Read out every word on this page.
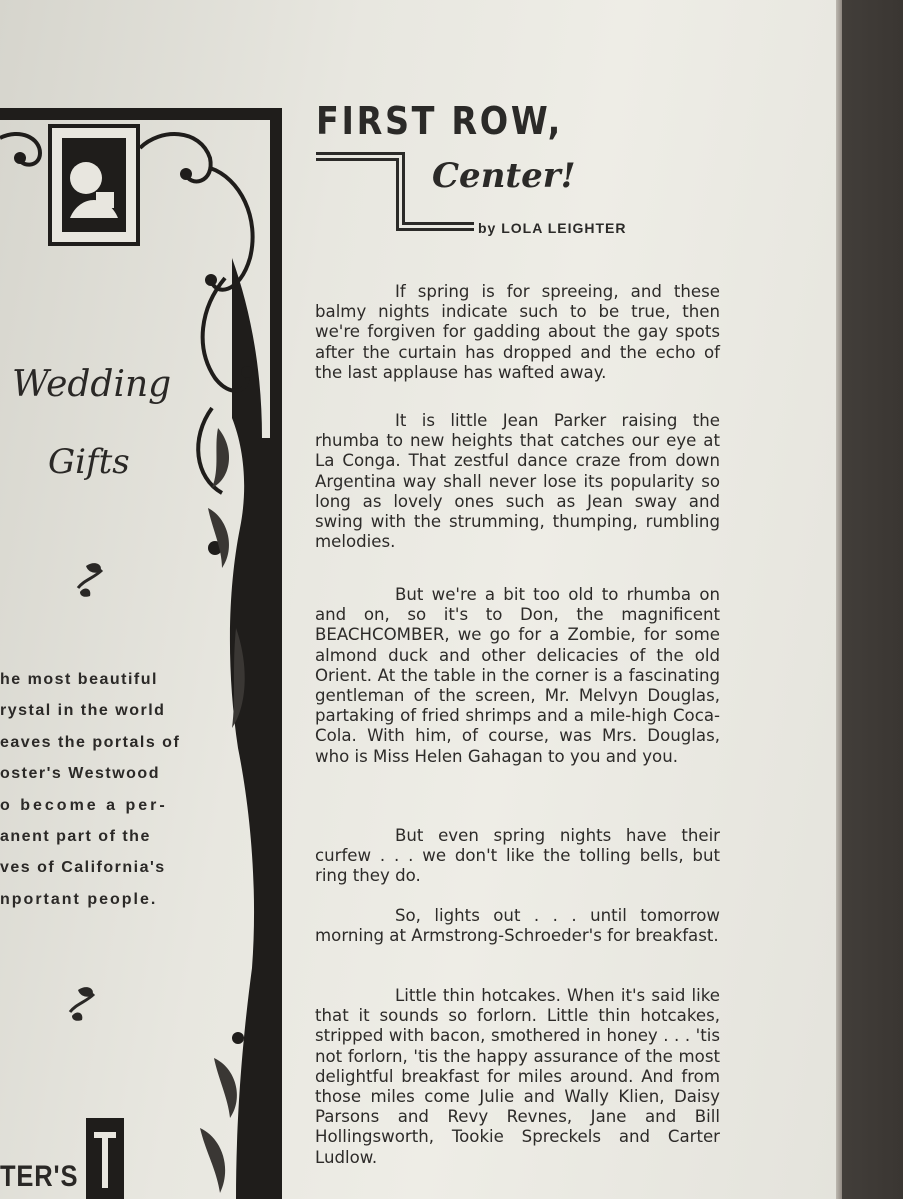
Wedding
Gifts
he most beautiful
rystal in the world
eaves the portals of
oster's Westwood
o become a per-
anent part of the
ves of California's
nportant people.
TER'S
FIRST ROW,
Center!
by LOLA LEIGHTER

If spring is for spreeing, and these balmy nights indicate such to be true, then we're forgiven for gadding about the gay spots after the curtain has dropped and the echo of the last applause has wafted away.

It is little Jean Parker raising the rhumba to new heights that catches our eye at La Conga. That zestful dance craze from down Argentina way shall never lose its popularity so long as lovely ones such as Jean sway and swing with the strumming, thumping, rumbling melodies.

But we're a bit too old to rhumba on and on, so it's to Don, the magnificent BEACHCOMBER, we go for a Zombie, for some almond duck and other delicacies of the old Orient. At the table in the corner is a fascinating gentleman of the screen, Mr. Melvyn Douglas, partaking of fried shrimps and a mile-high Coca-Cola. With him, of course, was Mrs. Douglas, who is Miss Helen Gahagan to you and you.

But even spring nights have their curfew . . . we don't like the tolling bells, but ring they do.

So, lights out . . . until tomorrow morning at Armstrong-Schroeder's for breakfast.

Little thin hotcakes. When it's said like that it sounds so forlorn. Little thin hotcakes, stripped with bacon, smothered in honey . . . 'tis not forlorn, 'tis the happy assurance of the most delightful breakfast for miles around. And from those miles come Julie and Wally Klien, Daisy Parsons and Revy Revnes, Jane and Bill Hollingsworth, Tookie Spreckels and Carter Ludlow.
